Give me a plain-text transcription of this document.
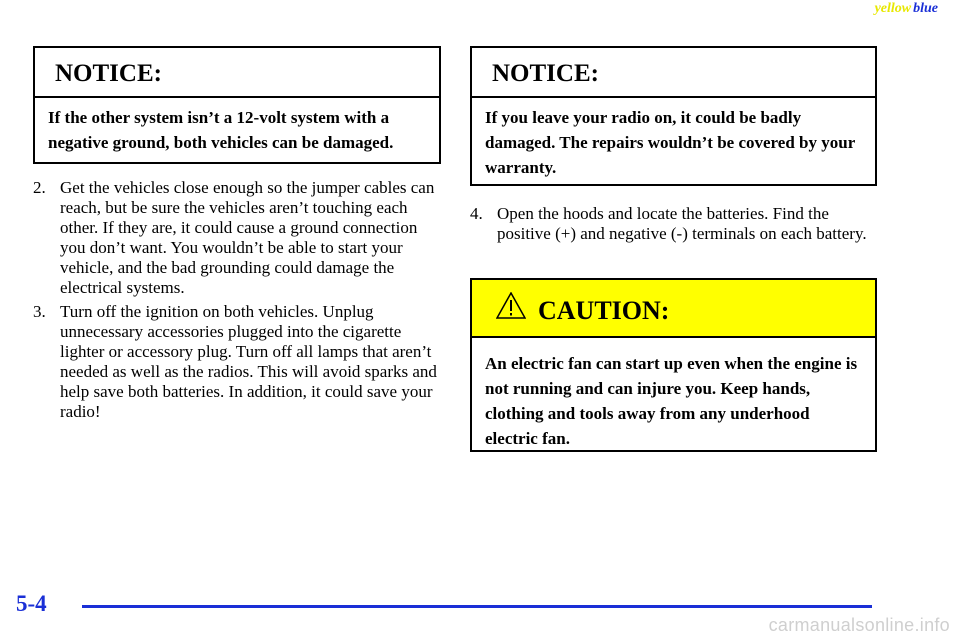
yellow blue
NOTICE:
If the other system isn’t a 12-volt system with a negative ground, both vehicles can be damaged.
2. Get the vehicles close enough so the jumper cables can reach, but be sure the vehicles aren’t touching each other. If they are, it could cause a ground connection you don’t want. You wouldn’t be able to start your vehicle, and the bad grounding could damage the electrical systems.
3. Turn off the ignition on both vehicles. Unplug unnecessary accessories plugged into the cigarette lighter or accessory plug. Turn off all lamps that aren’t needed as well as the radios. This will avoid sparks and help save both batteries. In addition, it could save your radio!
NOTICE:
If you leave your radio on, it could be badly damaged. The repairs wouldn’t be covered by your warranty.
4. Open the hoods and locate the batteries. Find the positive (+) and negative (-) terminals on each battery.
CAUTION:
An electric fan can start up even when the engine is not running and can injure you. Keep hands, clothing and tools away from any underhood electric fan.
5-4
carmanualsonline.info
